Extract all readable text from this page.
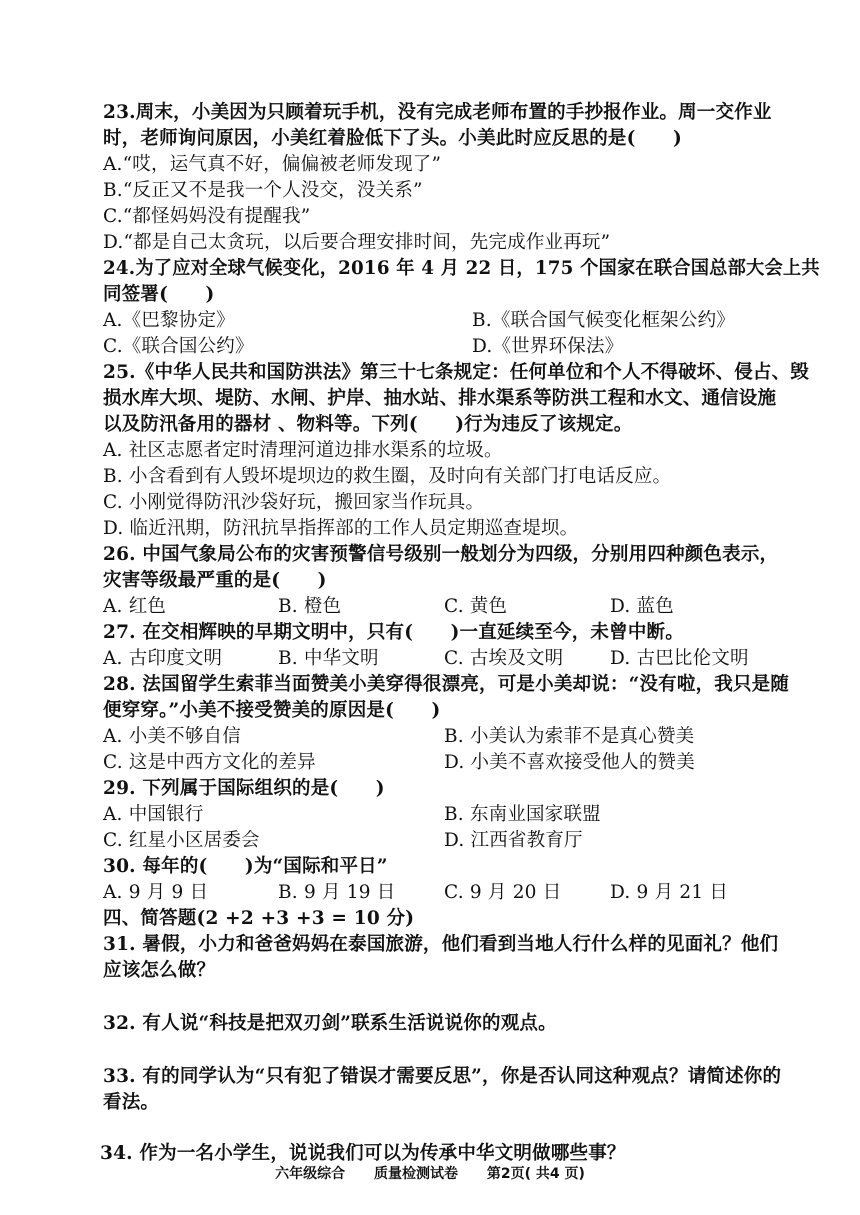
23.周末，小美因为只顾着玩手机，没有完成老师布置的手抄报作业。周一交作业
时，老师询问原因，小美红着脸低下了头。小美此时应反思的是(　　)
A.“哎，运气真不好，偏偏被老师发现了”
B.“反正又不是我一个人没交，没关系”
C.“都怪妈妈没有提醒我”
D.“都是自己太贪玩，以后要合理安排时间，先完成作业再玩”
24.为了应对全球气候变化，2016 年 4 月 22 日，175 个国家在联合国总部大会上共
同签署(　　)
A.《巴黎协定》	B.《联合国气候变化框架公约》
C.《联合国公约》	D.《世界环保法》
25.《中华人民共和国防洪法》第三十七条规定：任何单位和个人不得破坏、侵占、毁
损水库大坝、堤防、水闸、护岸、抽水站、排水渠系等防洪工程和水文、通信设施
以及防汛备用的器材 、物料等。下列(　　)行为违反了该规定。
A. 社区志愿者定时清理河道边排水渠系的垃圾。
B. 小含看到有人毁坏堤坝边的救生圈，及时向有关部门打电话反应。
C. 小刚觉得防汛沙袋好玩，搬回家当作玩具。
D. 临近汛期，防汛抗旱指挥部的工作人员定期巡查堤坝。
26. 中国气象局公布的灾害预警信号级别一般划分为四级，分别用四种颜色表示，
灾害等级最严重的是(　　)
A. 红色	B. 橙色	C. 黄色	D. 蓝色
27. 在交相辉映的早期文明中，只有(　　)一直延续至今，未曾中断。
A. 古印度文明	B. 中华文明	C. 古埃及文明	D. 古巴比伦文明
28. 法国留学生索菲当面赞美小美穿得很漂亮，可是小美却说：“没有啦，我只是随
便穿穿。”小美不接受赞美的原因是(　　)
A. 小美不够自信	B. 小美认为索菲不是真心赞美
C. 这是中西方文化的差异	D. 小美不喜欢接受他人的赞美
29. 下列属于国际组织的是(　　)
A. 中国银行	B. 东南业国家联盟
C. 红星小区居委会	D. 江西省教育厅
30. 每年的(　　)为“国际和平日”
A. 9 月 9 日	B. 9 月 19 日	C. 9 月 20 日	D. 9 月 21 日
四、简答题(2 +2 +3 +3 = 10 分)
31. 暑假，小力和爸爸妈妈在泰国旅游，他们看到当地人行什么样的见面礼？他们
应该怎么做？
32. 有人说“科技是把双刃剑”联系生活说说你的观点。
33. 有的同学认为“只有犯了错误才需要反思”，你是否认同这种观点？请简述你的
看法。
34. 作为一名小学生，说说我们可以为传承中华文明做哪些事？
六年级综合 质量检测试卷 第2页( 共4 页)
